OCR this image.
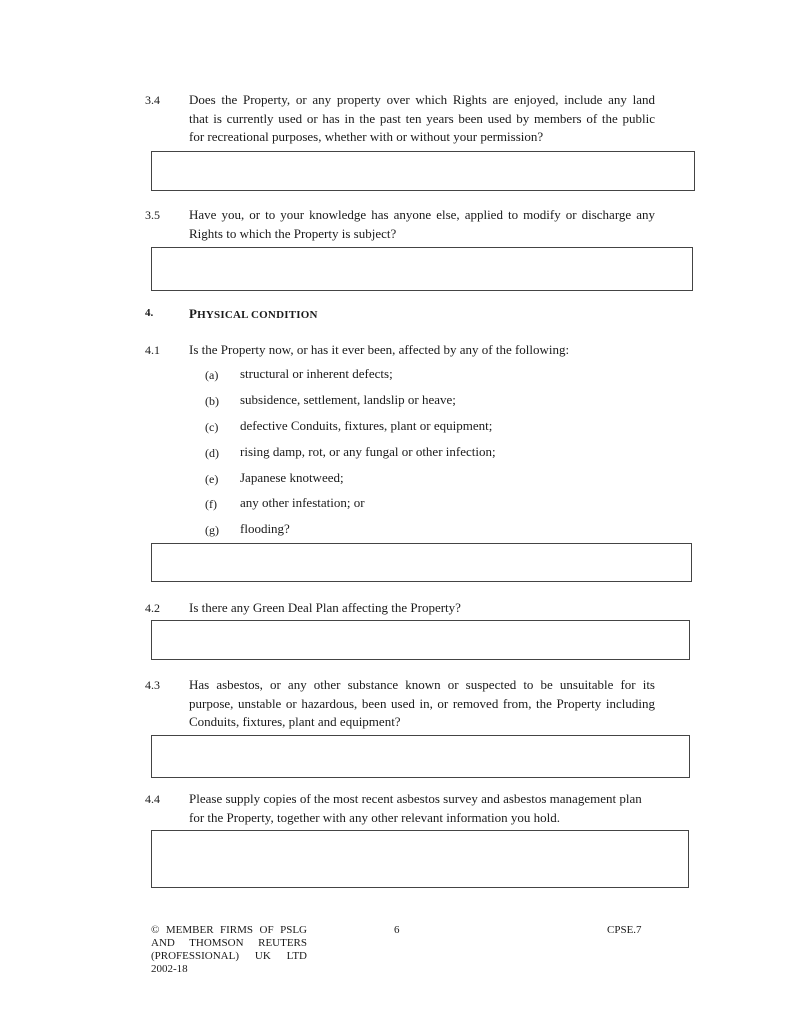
3.4 Does the Property, or any property over which Rights are enjoyed, include any land
that is currently used or has in the past ten years been used by members of the public
for recreational purposes, whether with or without your permission?
3.5 Have you, or to your knowledge has anyone else, applied to modify or discharge any
Rights to which the Property is subject?
4.	PHYSICAL CONDITION
4.1 Is the Property now, or has it ever been, affected by any of the following:
(a) structural or inherent defects;
(b) subsidence, settlement, landslip or heave;
(c) defective Conduits, fixtures, plant or equipment;
(d) rising damp, rot, or any fungal or other infection;
(e) Japanese knotweed;
(f) any other infestation; or
(g) flooding?
4.2 Is there any Green Deal Plan affecting the Property?
4.3 Has asbestos, or any other substance known or suspected to be unsuitable for its
purpose, unstable or hazardous, been used in, or removed from, the Property including
Conduits, fixtures, plant and equipment?
4.4 Please supply copies of the most recent asbestos survey and asbestos management plan
for the Property, together with any other relevant information you hold.
© MEMBER FIRMS OF PSLG
AND THOMSON REUTERS
(PROFESSIONAL) UK LTD
2002-18
6	CPSE.7
